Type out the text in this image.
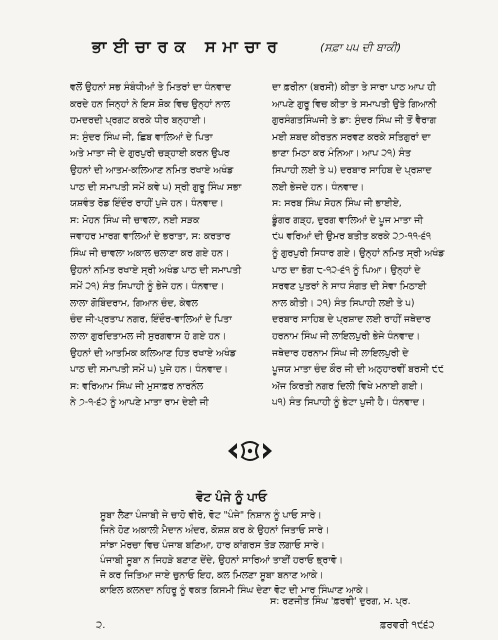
ਭਾਈਚਾਰਕ ਸਮਾਚਾਰ	(ਸਫ਼ਾ ੫੫ ਦੀ ਬਾਕੀ)

ਵਲੋਂ ਉਹਨਾਂ ਸਭ ਸੰਬੰਧੀਆਂ ਤੇ ਮਿਤਰਾਂ ਦਾ ਧੰਨਵਾਦ

ਕਰਦੇ ਹਨ ਜਿਨ੍ਹਾਂ ਨੇ ਇਸ ਸ਼ੋਕ ਵਿਚ ਉਨ੍ਹਾਂ ਨਾਲ

ਹਮਦਰਦੀ ਪ੍ਰਗਟ ਕਰਕੇ ਧੀਰ ਬਨ੍ਹਾਈ।

ਸ: ਸੁੰਦਰ ਸਿੰਘ ਜੀ, ਛਿਬ ਵਾਲਿਆਂ ਦੇ ਪਿਤਾ

ਅਤੇ ਮਾਤਾ ਜੀ ਦੇ ਗੁਰਪੁਰੀ ਚੜ੍ਹਾਈ ਕਰਨ ਉਪਰ

ਉਹਨਾਂ ਦੀ ਆਤਮ-ਕਲਿਆਣ ਨਮਿਤ ਰਖਾਏ ਅਖੰਡ

ਪਾਠ ਦੀ ਸਮਾਪਤੀ ਸਮੇਂ ਕਵੇ ੫) ਸ੍ਰੀ ਗੁਰੂ ਸਿੰਘ ਸਭਾ

ਯਸ਼ਵੰਤ ਰੋਡ ਇੰਦੌਰ ਰਾਹੀਂ ਪੁਜੇ ਹਨ। ਧੰਨਵਾਦ।

ਸ: ਮੋਹਨ ਸਿੰਘ ਜੀ ਚਾਵਲਾ, ਨਈ ਸੜਕ

ਜਵਾਹਰ ਮਾਰਗ ਵਾਲਿਆਂ ਦੇ ਭਰਾਤਾ, ਸ: ਕਰਤਾਰ

ਸਿੰਘ ਜੀ ਚਾਵਲਾ ਅਕਾਲ ਚਲਾਣਾ ਕਰ ਗਏ ਹਨ।

ਉਹਨਾਂ ਨਮਿਤ ਰਖਾਏ ਸ੍ਰੀ ਅਖੰਡ ਪਾਠ ਦੀ ਸਮਾਪਤੀ

ਸਮੇਂ ੨੧) ਸੰਤ ਸਿਪਾਹੀ ਨੂੰ ਭੇਜੇ ਹਨ। ਧੰਨਵਾਦ।

ਲਾਲਾ ਗੋਬਿੰਦਰਾਮ, ਗਿਆਨ ਚੰਦ, ਕੇਵਲ

ਚੰਦ ਜੀ-ਪ੍ਰਤਾਪ ਨਗਰ, ਇੰਦੌਰ-ਵਾਲਿਆਂ ਦੇ ਪਿਤਾ

ਲਾਲਾ ਗੁਰਦਿਤਾਮਲ ਜੀ ਸੁਰਗਵਾਸ ਹੋ ਗਏ ਹਨ।

ਉਹਨਾਂ ਦੀ ਆਤਮਿਕ ਕਲਿਆਣ ਹਿਤ ਰਖਾਏ ਅਖੰਡ

ਪਾਠ ਦੀ ਸਮਾਪਤੀ ਸਮੇਂ ੫) ਪੁਜੇ ਹਨ। ਧੰਨਵਾਦ।

ਸ: ਵਰਿਆਮ ਸਿੰਘ ਜੀ ਮੁਸਾਫ਼ਰ ਨਾਰਨੌਲ

ਨੇ ੭-੧-੬੨ ਨੂੰ ਆਪਣੇ ਮਾਤਾ ਰਾਮ ਦੇਈ ਜੀ

ਦਾ ਫ਼ਰੀਨਾ (ਬਰਸੀ) ਕੀਤਾ ਤੇ ਸਾਰਾ ਪਾਠ ਆਪ ਹੀ

ਆਪਣੇ ਗੁਰੂ ਵਿਚ ਕੀਤਾ ਤੇ ਸਮਾਪਤੀ ਉਤੇ ਗਿਆਨੀ

ਗੁਰਸੰਗਤਸਿੰਘਜੀ ਤੇ ਡਾ: ਸੁੰਦਰ ਸਿੰਘ ਜੀ ਤੋਂ ਵੈਰਾਗ

ਮਈ ਸ਼ਬਦ ਕੀਰਤਨ ਸਰਵਣ ਕਰਕੇ ਸਤਿਗੁਰਾਂ ਦਾ

ਭਾਣਾ ਮਿਠਾ ਕਰ ਮੰਨਿਆ। ਆਪ ੨੧) ਸੰਤ

ਸਿਪਾਹੀ ਲਈ ਤੇ ੫) ਦਰਬਾਰ ਸਾਹਿਬ ਦੇ ਪ੍ਰਸ਼ਾਦ

ਲਈ ਭੇਜਦੇ ਹਨ। ਧੰਨਵਾਦ।

ਸ: ਸਰਬ ਸਿੰਘ ਸੋਹਨ ਸਿੰਘ ਜੀ ਭਾਈਏ,

ਡੂੰਗਰ ਗੜ੍ਹ, ਦੁਰਗ ਵਾਲਿਆਂ ਦੇ ਪੂਜ ਮਾਤਾ ਜੀ

੯੫ ਵਰਿਆਂ ਦੀ ਉਮਰ ਬਤੀਤ ਕਰਕੇ ੨੭-੧੧-੬੧

ਨੂੰ ਗੁਰਪੁਰੀ ਸਿਧਾਰ ਗਏ। ਉਨ੍ਹਾਂ ਨਮਿਤ ਸ੍ਰੀ ਅਖੰਡ

ਪਾਠ ਦਾ ਭੋਗ ੮-੧੨-੬੧ ਨੂੰ ਪਿਆ। ਉਨ੍ਹਾਂ ਦੇ

ਸਰਵਣ ਪੁਤਰਾਂ ਨੇ ਸਾਧ ਸੰਗਤ ਦੀ ਸੇਵਾ ਮਿਠਾਈ

ਨਾਲ ਕੀਤੀ। ੨੧) ਸੰਤ ਸਿਪਾਹੀ ਲਈ ਤੇ ੫)

ਦਰਬਾਰ ਸਾਹਿਬ ਦੇ ਪ੍ਰਸ਼ਾਦ ਲਈ ਰਾਹੀਂ ਜਥੇਦਾਰ

ਹਰਨਾਮ ਸਿੰਘ ਜੀ ਲਾਇਲਪੁਰੀ ਭੇਜੇ ਧੰਨਵਾਦ।

ਜਥੇਦਾਰ ਹਰਨਾਮ ਸਿੰਘ ਜੀ ਲਾਇਲਪੁਰੀ ਦੇ

ਪੂਜਯ ਮਾਤਾ ਚੰਦ ਕੌਰ ਜੀ ਦੀ ਅਠ੍ਹਾਰਵੀਂ ਬਰਸੀ ੯੯

ਅੱਜ ਕਿਰਤੀ ਨਗਰ ਦਿਲੀ ਵਿਖੇ ਮਨਾਈ ਗਈ।

੫੧) ਸੰਤ ਸਿਪਾਹੀ ਨੂੰ ਭੇਟਾ ਪੁਜੀ ਹੈ। ਧੰਨਵਾਦ।

ਵੋਟ ਪੰਜੇ ਨੂੰ ਪਾਓ

ਸੂਬਾ ਲੈਣਾ ਪੰਜਾਬੀ ਜੇ ਚਾਹੋ ਵੀਰੋ, ਵੋਟ "ਪੰਜੇ" ਨਿਸ਼ਾਨ ਨੂੰ ਪਾਓ ਸਾਰੇ।

ਜਿਨੇ ਹੋਣ ਅਕਾਲੀ ਮੈਦਾਨ ਅੰਦਰ, ਕੋਸ਼ਸ਼ ਕਰ ਕੇ ਉਹਨਾਂ ਜਿਤਾਓ ਸਾਰੇ।

ਸਾਂਝਾ ਮੋਰਚਾ ਵਿਚ ਪੰਜਾਬ ਬਣਿਆ, ਹਾਰ ਕਾਂਗਰਸ ਤੋੜ ਲਗਾਓ ਸਾਰੇ।

ਪੰਜਾਬੀ ਸੂਬਾ ਨ ਜਿਹੜੇ ਬਣਾਣ ਦੇਂਦੇ, ਉਹਨਾਂ ਸਾਰਿਆਂ ਤਾਈਂ ਹਰਾਓ ਭ੍ਰਾਵੋ।

ਜੋ ਕਰ ਜਿਤਿਆ ਜਾਏ ਚੁਨਾਓ ਇਹ, ਕਲ ਮਿਲਣਾ ਸੂਬਾ ਬਨਾਣ ਆਕੇ।

ਕਾਇਲ ਕਲਨਦਾ ਨਹਿਰੂ ਨੂੰ ਵਕਤ ਕਿਸਮੀ ਸਿੰਘ ਦੇਣਾ ਵੋਟ ਦੀ ਮਾਰ ਸਿੰਘਾਣ ਆਕੇ।

ਸ: ਰਣਜੀਤ ਸਿੰਘ 'ਫ਼ਰਵੀ' ਦੁਰਗ, ਮ. ਪ੍ਰ.
੨.	ਫ਼ਰਵਰੀ ੧੯੬੨
